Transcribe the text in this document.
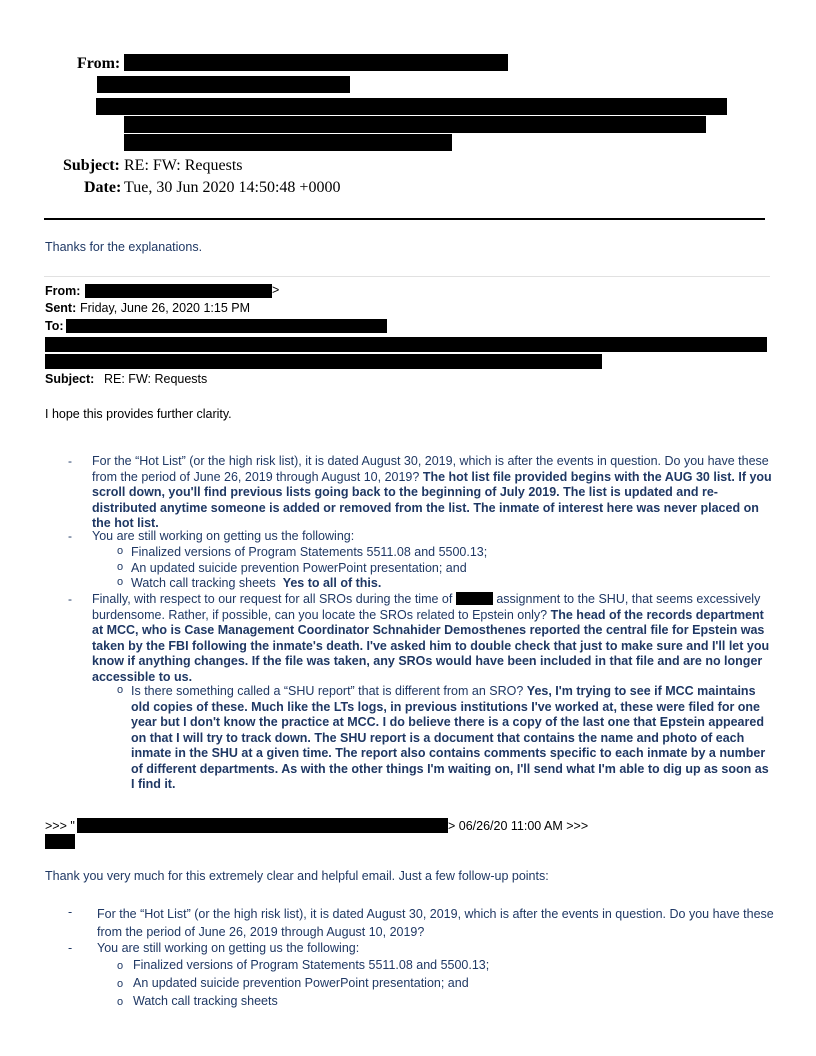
From:
Subject: RE: FW: Requests
Date: Tue, 30 Jun 2020 14:50:48 +0000
Thanks for the explanations.
From:	>
Sent: Friday, June 26, 2020 1:15 PM
To:
Subject: RE: FW: Requests
I hope this provides further clarity.
- For the “Hot List” (or the high risk list), it is dated August 30, 2019, which is after the events in question. Do you have these from the period of June 26, 2019 through August 10, 2019? The hot list file provided begins with the AUG 30 list. If you scroll down, you'll find previous lists going back to the beginning of July 2019. The list is updated and re-distributed anytime someone is added or removed from the list. The inmate of interest here was never placed on the hot list.
- You are still working on getting us the following:
o Finalized versions of Program Statements 5511.08 and 5500.13;
o An updated suicide prevention PowerPoint presentation; and
o Watch call tracking sheets Yes to all of this.
- Finally, with respect to our request for all SROs during the time of	assignment to the SHU, that seems excessively burdensome. Rather, if possible, can you locate the SROs related to Epstein only? The head of the records department at MCC, who is Case Management Coordinator Schnahider Demosthenes reported the central file for Epstein was taken by the FBI following the inmate's death. I've asked him to double check that just to make sure and I'll let you know if anything changes. If the file was taken, any SROs would have been included in that file and are no longer accessible to us.
o Is there something called a “SHU report” that is different from an SRO? Yes, I'm trying to see if MCC maintains old copies of these. Much like the LTs logs, in previous institutions I've worked at, these were filed for one year but I don't know the practice at MCC. I do believe there is a copy of the last one that Epstein appeared on that I will try to track down. The SHU report is a document that contains the name and photo of each inmate in the SHU at a given time. The report also contains comments specific to each inmate by a number of different departments. As with the other things I'm waiting on, I'll send what I'm able to dig up as soon as I find it.
>>> "	> 06/26/20 11:00 AM >>>
Thank you very much for this extremely clear and helpful email. Just a few follow-up points:
- For the “Hot List” (or the high risk list), it is dated August 30, 2019, which is after the events in question. Do you have these from the period of June 26, 2019 through August 10, 2019?
- You are still working on getting us the following:
o Finalized versions of Program Statements 5511.08 and 5500.13;
o An updated suicide prevention PowerPoint presentation; and
o Watch call tracking sheets
